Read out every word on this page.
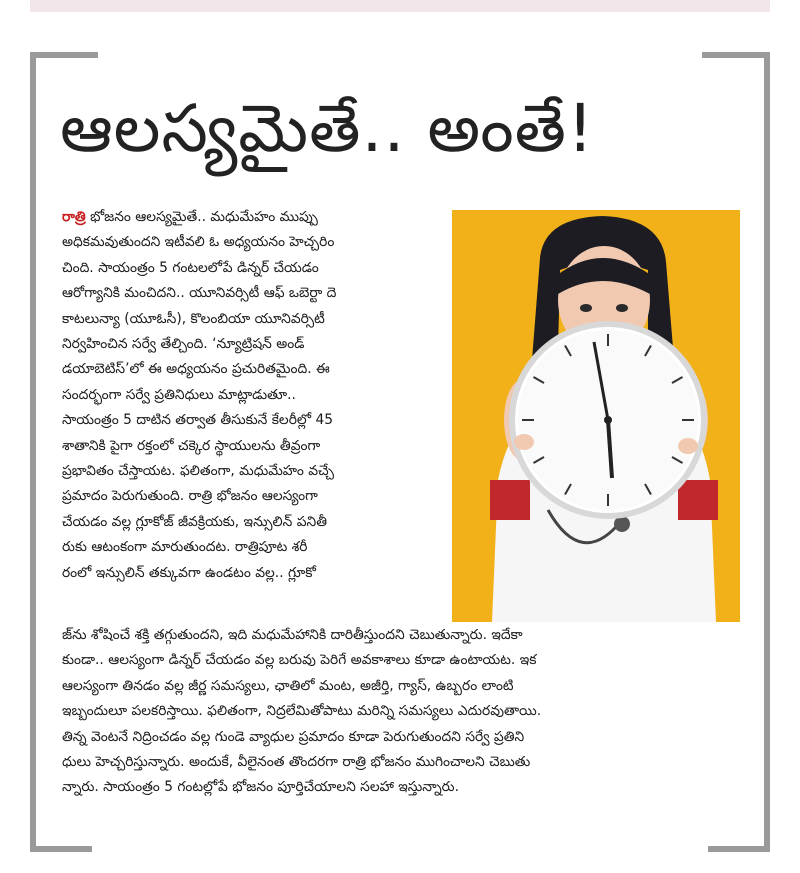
ఆలస్యమైతే.. అంతే!
రాత్రి భోజనం ఆలస్యమైతే.. మధుమేహం ముప్పు
అధికమవుతుందని ఇటీవలి ఓ అధ్యయనం హెచ్చరిం
చింది. సాయంత్రం 5 గంటలలోపే డిన్నర్ చేయడం
ఆరోగ్యానికి మంచిదని.. యూనివర్సిటీ ఆఫ్ ఒబెర్టా దె
కాటలున్యా (యూఓసీ), కొలంబియా యూనివర్సిటీ
నిర్వహించిన సర్వే తేల్చింది. ‘న్యూట్రిషన్ అండ్
డయాబెటిస్’లో ఈ అధ్యయనం ప్రచురితమైంది. ఈ
సందర్భంగా సర్వే ప్రతినిధులు మాట్లాడుతూ..
సాయంత్రం 5 దాటిన తర్వాత తీసుకునే కేలరీల్లో 45
శాతానికి పైగా రక్తంలో చక్కెర స్థాయులను తీవ్రంగా
ప్రభావితం చేస్తాయట. ఫలితంగా, మధుమేహం వచ్చే
ప్రమాదం పెరుగుతుంది. రాత్రి భోజనం ఆలస్యంగా
చేయడం వల్ల గ్లూకోజ్ జీవక్రియకు, ఇన్సులిన్ పనితీ
రుకు ఆటంకంగా మారుతుందట. రాత్రిపూట శరీ
రంలో ఇన్సులిన్ తక్కువగా ఉండటం వల్ల.. గ్లూకో
జ్‌ను శోషించే శక్తి తగ్గుతుందని, ఇది మధుమేహానికి దారితీస్తుందని చెబుతున్నారు. ఇదేకా
కుండా.. ఆలస్యంగా డిన్నర్ చేయడం వల్ల బరువు పెరిగే అవకాశాలు కూడా ఉంటాయట. ఇక
ఆలస్యంగా తినడం వల్ల జీర్ణ సమస్యలు, ఛాతిలో మంట, అజీర్తి, గ్యాస్, ఉబ్బరం లాంటి
ఇబ్బందులూ పలకరిస్తాయి. ఫలితంగా, నిద్రలేమితోపాటు మరిన్ని సమస్యలు ఎదురవుతాయి.
తిన్న వెంటనే నిద్రించడం వల్ల గుండె వ్యాధుల ప్రమాదం కూడా పెరుగుతుందని సర్వే ప్రతిని
ధులు హెచ్చరిస్తున్నారు. అందుకే, వీలైనంత తొందరగా రాత్రి భోజనం ముగించాలని చెబుతు
న్నారు. సాయంత్రం 5 గంటల్లోపే భోజనం పూర్తిచేయాలని సలహా ఇస్తున్నారు.
